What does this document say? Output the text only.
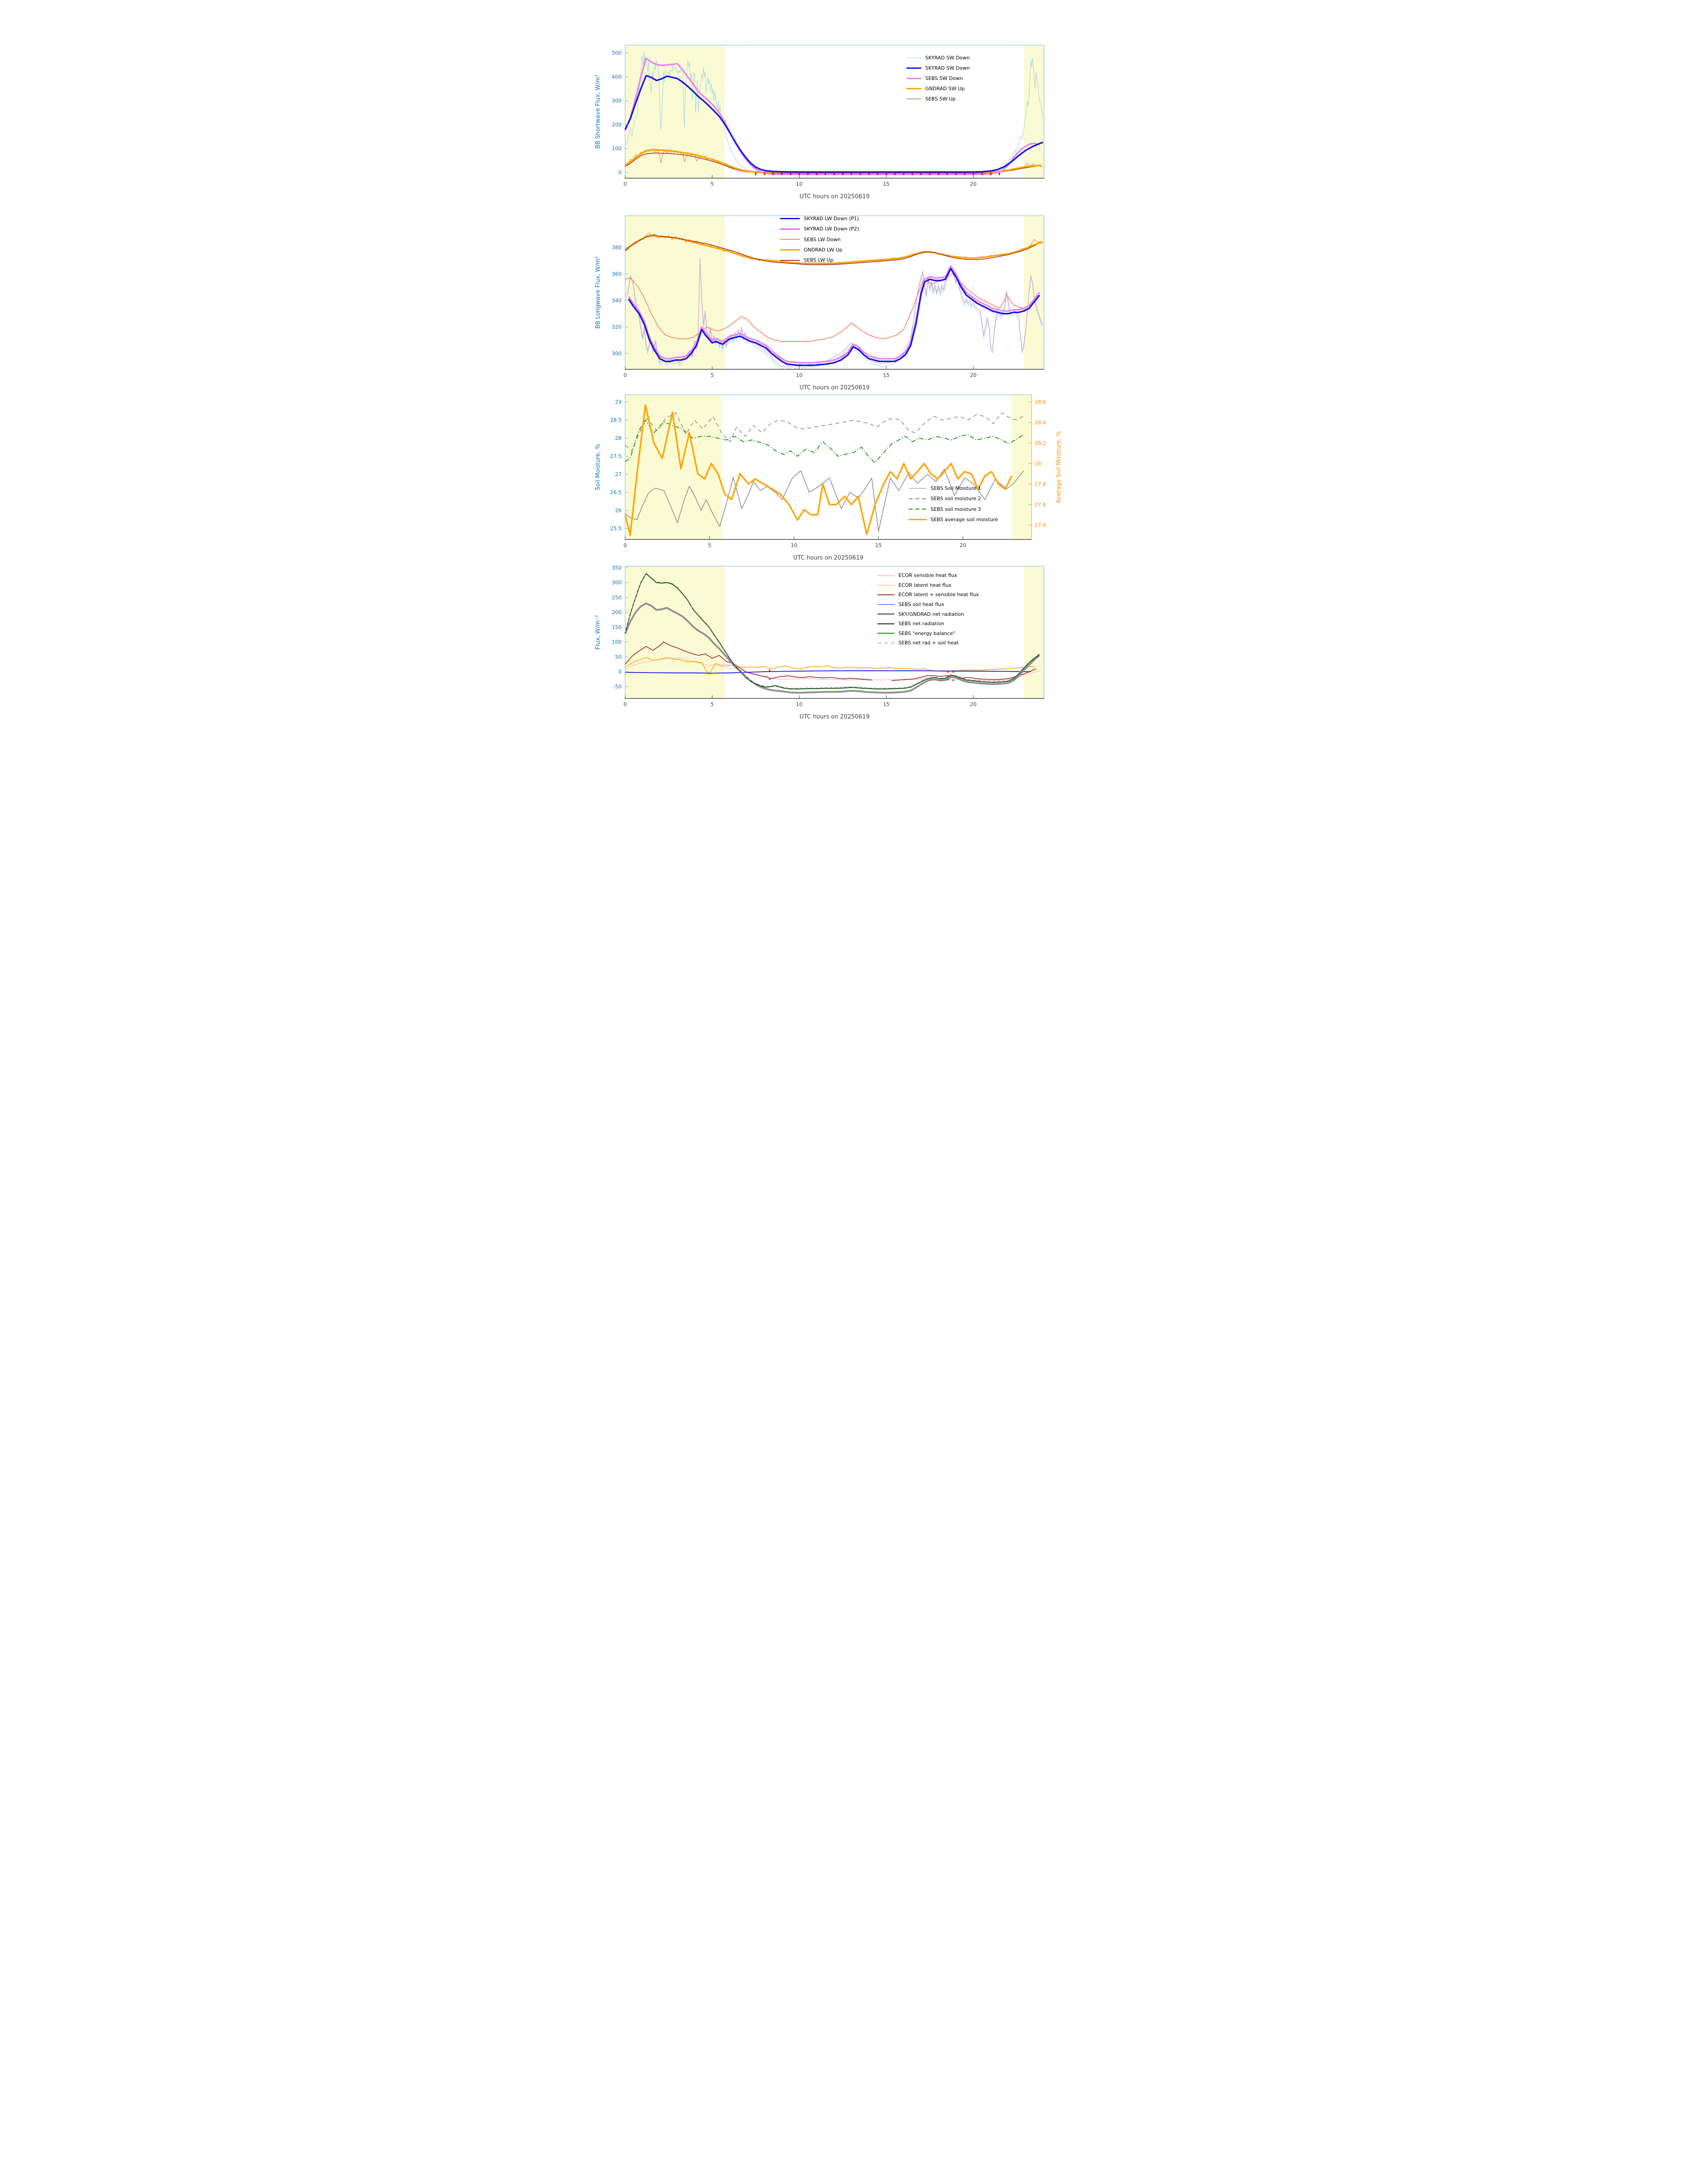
0	5	10	15	20
0
100
200
300
400
500
UTC hours on 20250619
BB Shortwave Flux, W/m²
0	5	10	15	20
300
320
340
360
380
UTC hours on 20250619
BB Longwave Flux, W/m²
0	5	10	15	20
25.5
26
26.5
27
27.5
28
28.5
29
27.4
27.6
27.8
28
28.2
28.4
28.6
Average Soil Moisture, %
UTC hours on 20250619
Soil Moisture, %
0	5	10	15	20
-50
0
50
100
150
200
250
300
350
UTC hours on 20250619
Flux, W/m⁻²
SKYRAD SW Down
SKYRAD SW Down
SEBS SW Down
GNDRAD SW Up
SEBS SW Up
SKYRAD LW Down (P1)
SKYRAD LW Down (P2)
SEBS LW Down
GNDRAD LW Up
SEBS LW Up
SEBS Soil Moisture 1
SEBS soil moisture 2
SEBS soil moisture 3
SEBS average soil moisture
ECOR sensible heat flux
ECOR latent heat flux
ECOR latent + sensible heat flux
SEBS soil heat flux
SKY/GNDRAD net radiation
SEBS net radiation
SEBS "energy balance"
SEBS net rad + soil heat
